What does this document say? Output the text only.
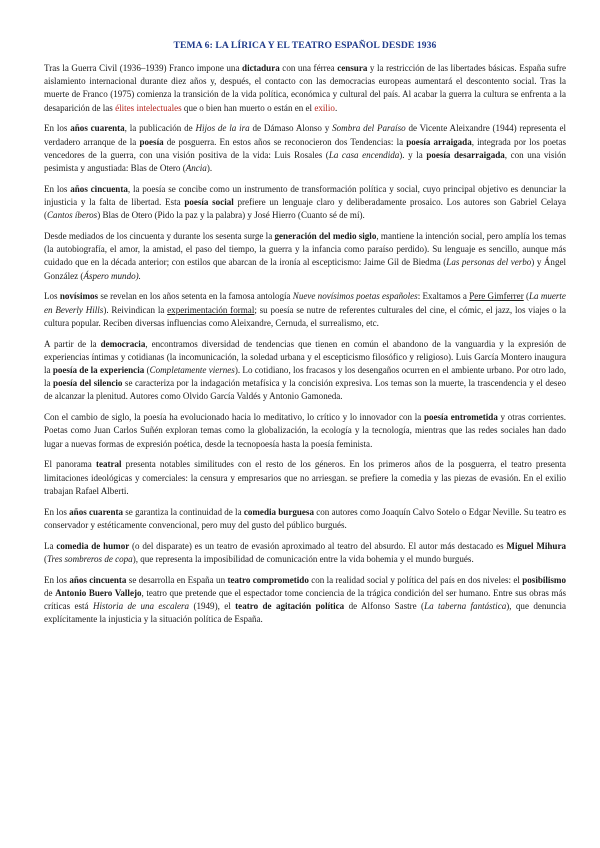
TEMA 6: LA LÍRICA Y EL TEATRO ESPAÑOL DESDE 1936

Tras la Guerra Civil (1936–1939) Franco impone una dictadura con una férrea censura y la restricción de las libertades básicas. España sufre aislamiento internacional durante diez años y, después, el contacto con las democracias europeas aumentará el descontento social. Tras la muerte de Franco (1975) comienza la transición de la vida política, económica y cultural del país. Al acabar la guerra la cultura se enfrenta a la desaparición de las élites intelectuales que o bien han muerto o están en el exilio.

En los años cuarenta, la publicación de Hijos de la ira de Dámaso Alonso y Sombra del Paraíso de Vicente Aleixandre (1944) representa el verdadero arranque de la poesía de posguerra. En estos años se reconocieron dos Tendencias: la poesía arraigada, integrada por los poetas vencedores de la guerra, con una visión positiva de la vida: Luis Rosales (La casa encendida). y la poesía desarraigada, con una visión pesimista y angustiada: Blas de Otero (Ancia).

En los años cincuenta, la poesía se concibe como un instrumento de transformación política y social, cuyo principal objetivo es denunciar la injusticia y la falta de libertad. Esta poesía social prefiere un lenguaje claro y deliberadamente prosaico. Los autores son Gabriel Celaya (Cantos íberos) Blas de Otero (Pido la paz y la palabra) y José Hierro (Cuanto sé de mí).

Desde mediados de los cincuenta y durante los sesenta surge la generación del medio siglo, mantiene la intención social, pero amplía los temas (la autobiografía, el amor, la amistad, el paso del tiempo, la guerra y la infancia como paraíso perdido). Su lenguaje es sencillo, aunque más cuidado que en la década anterior; con estilos que abarcan de la ironía al escepticismo: Jaime Gil de Biedma (Las personas del verbo) y Ángel González (Áspero mundo).

Los novísimos se revelan en los años setenta en la famosa antología Nueve novísimos poetas españoles: Exaltamos a Pere Gimferrer (La muerte en Beverly Hills). Reivindican la experimentación formal; su poesía se nutre de referentes culturales del cine, el cómic, el jazz, los viajes o la cultura popular. Reciben diversas influencias como Aleixandre, Cernuda, el surrealismo, etc.

A partir de la democracia, encontramos diversidad de tendencias que tienen en común el abandono de la vanguardia y la expresión de experiencias íntimas y cotidianas (la incomunicación, la soledad urbana y el escepticismo filosófico y religioso). Luis García Montero inaugura la poesía de la experiencia (Completamente viernes). Lo cotidiano, los fracasos y los desengaños ocurren en el ambiente urbano. Por otro lado, la poesía del silencio se caracteriza por la indagación metafísica y la concisión expresiva. Los temas son la muerte, la trascendencia y el deseo de alcanzar la plenitud. Autores como Olvido García Valdés y Antonio Gamoneda.

Con el cambio de siglo, la poesía ha evolucionado hacia lo meditativo, lo crítico y lo innovador con la poesía entrometida y otras corrientes. Poetas como Juan Carlos Suñén exploran temas como la globalización, la ecología y la tecnología, mientras que las redes sociales han dado lugar a nuevas formas de expresión poética, desde la tecnopoesía hasta la poesía feminista.

El panorama teatral presenta notables similitudes con el resto de los géneros. En los primeros años de la posguerra, el teatro presenta limitaciones ideológicas y comerciales: la censura y empresarios que no arriesgan. se prefiere la comedia y las piezas de evasión. En el exilio trabajan Rafael Alberti.

En los años cuarenta se garantiza la continuidad de la comedia burguesa con autores como Joaquín Calvo Sotelo o Edgar Neville. Su teatro es conservador y estéticamente convencional, pero muy del gusto del público burgués.

La comedia de humor (o del disparate) es un teatro de evasión aproximado al teatro del absurdo. El autor más destacado es Miguel Mihura (Tres sombreros de copa), que representa la imposibilidad de comunicación entre la vida bohemia y el mundo burgués.

En los años cincuenta se desarrolla en España un teatro comprometido con la realidad social y política del país en dos niveles: el posibilismo de Antonio Buero Vallejo, teatro que pretende que el espectador tome conciencia de la trágica condición del ser humano. Entre sus obras más críticas está Historia de una escalera (1949), el teatro de agitación política de Alfonso Sastre (La taberna fantástica), que denuncia explícitamente la injusticia y la situación política de España.
